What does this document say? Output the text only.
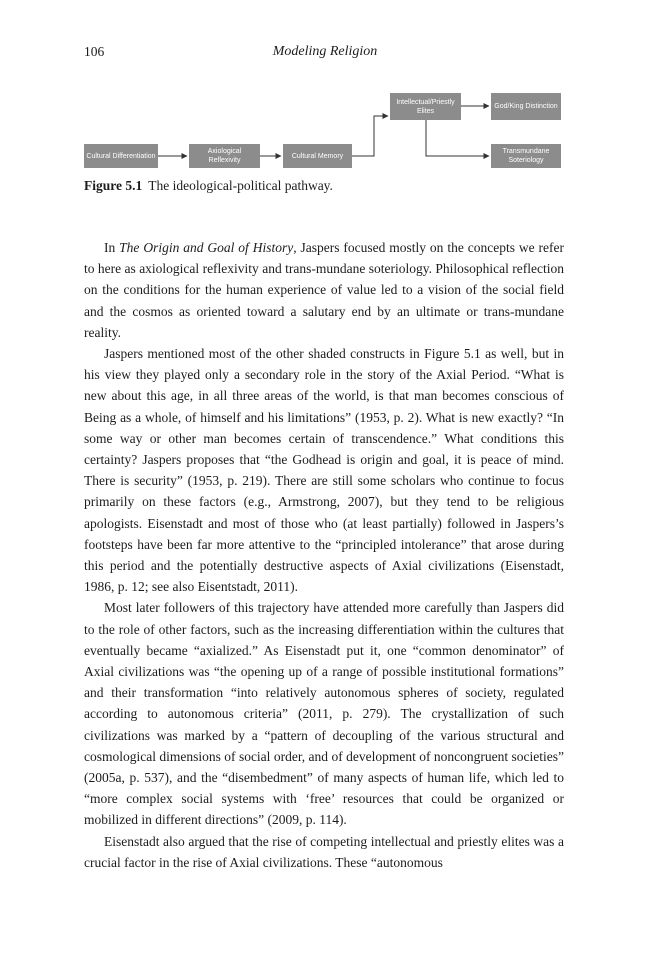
106	Modeling Religion
Cultural Differentiation
Axiological Reflexivity
Cultural Memory
Intellectual/Priestly Elites
God/King Distinction
Transmundane Soteriology
Figure 5.1 The ideological-political pathway.

In The Origin and Goal of History, Jaspers focused mostly on the concepts we refer to here as axiological reflexivity and trans-mundane soteriology. Philosophical reflection on the conditions for the human experience of value led to a vision of the social field and the cosmos as oriented toward a salutary end by an ultimate or trans-mundane reality.

Jaspers mentioned most of the other shaded constructs in Figure 5.1 as well, but in his view they played only a secondary role in the story of the Axial Period. “What is new about this age, in all three areas of the world, is that man becomes conscious of Being as a whole, of himself and his limitations” (1953, p. 2). What is new exactly? “In some way or other man becomes certain of transcendence.” What conditions this certainty? Jaspers proposes that “the Godhead is origin and goal, it is peace of mind. There is security” (1953, p. 219). There are still some scholars who continue to focus primarily on these factors (e.g., Armstrong, 2007), but they tend to be religious apologists. Eisenstadt and most of those who (at least partially) followed in Jaspers’s footsteps have been far more attentive to the “principled intolerance” that arose during this period and the potentially destructive aspects of Axial civilizations (Eisenstadt, 1986, p. 12; see also Eisentstadt, 2011).

Most later followers of this trajectory have attended more carefully than Jaspers did to the role of other factors, such as the increasing differentiation within the cultures that eventually became “axialized.” As Eisenstadt put it, one “common denominator” of Axial civilizations was “the opening up of a range of possible institutional formations” and their transformation “into relatively autonomous spheres of society, regulated according to autonomous criteria” (2011, p. 279). The crystallization of such civilizations was marked by a “pattern of decoupling of the various structural and cosmological dimensions of social order, and of development of noncongruent societies” (2005a, p. 537), and the “disembedment” of many aspects of human life, which led to “more complex social systems with ‘free’ resources that could be organized or mobilized in different directions” (2009, p. 114).

Eisenstadt also argued that the rise of competing intellectual and priestly elites was a crucial factor in the rise of Axial civilizations. These “autonomous
